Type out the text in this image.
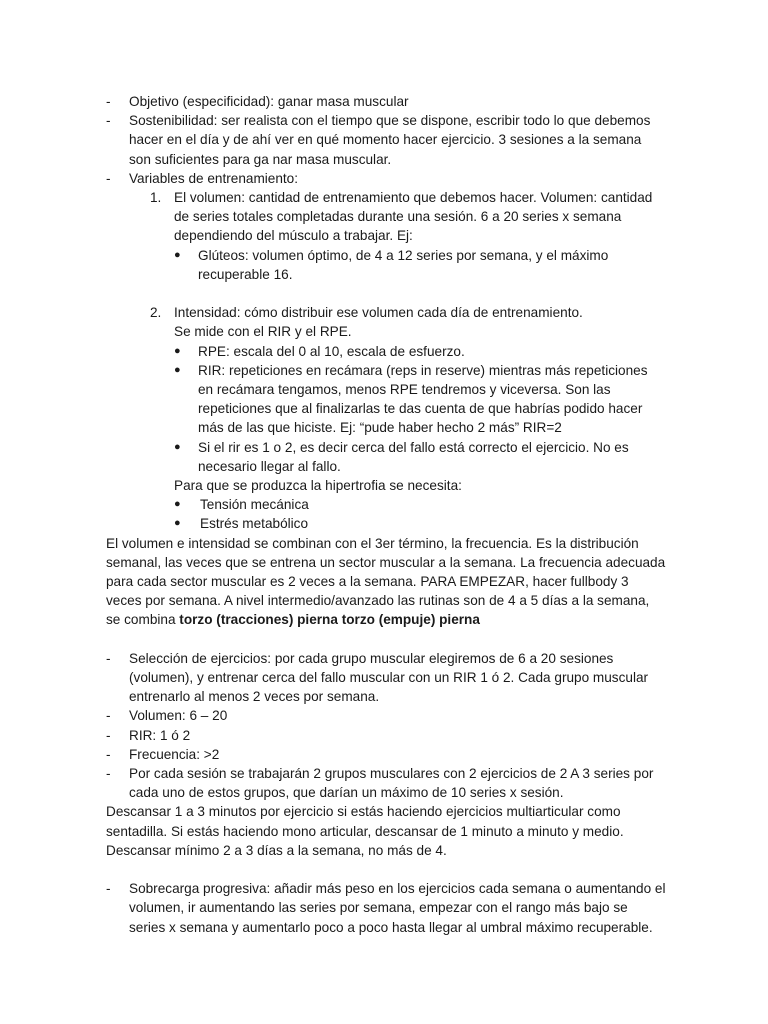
- Objetivo (especificidad): ganar masa muscular

- Sostenibilidad: ser realista con el tiempo que se dispone, escribir todo lo que debemos hacer en el día y de ahí ver en qué momento hacer ejercicio. 3 sesiones a la semana son suficientes para ga nar masa muscular.

- Variables de entrenamiento:

1. El volumen: cantidad de entrenamiento que debemos hacer. Volumen: cantidad de series totales completadas durante una sesión. 6 a 20 series x semana dependiendo del músculo a trabajar. Ej:

● Glúteos: volumen óptimo, de 4 a 12 series por semana, y el máximo recuperable 16.

2. Intensidad: cómo distribuir ese volumen cada día de entrenamiento.

Se mide con el RIR y el RPE.

● RPE: escala del 0 al 10, escala de esfuerzo.

● RIR: repeticiones en recámara (reps in reserve) mientras más repeticiones en recámara tengamos, menos RPE tendremos y viceversa. Son las repeticiones que al finalizarlas te das cuenta de que habrías podido hacer más de las que hiciste. Ej: “pude haber hecho 2 más” RIR=2

● Si el rir es 1 o 2, es decir cerca del fallo está correcto el ejercicio. No es necesario llegar al fallo.

Para que se produzca la hipertrofia se necesita:

● Tensión mecánica

● Estrés metabólico

El volumen e intensidad se combinan con el 3er término, la frecuencia. Es la distribución semanal, las veces que se entrena un sector muscular a la semana. La frecuencia adecuada para cada sector muscular es 2 veces a la semana. PARA EMPEZAR, hacer fullbody 3 veces por semana. A nivel intermedio/avanzado las rutinas son de 4 a 5 días a la semana, se combina torzo (tracciones) pierna torzo (empuje) pierna

- Selección de ejercicios: por cada grupo muscular elegiremos de 6 a 20 sesiones (volumen), y entrenar cerca del fallo muscular con un RIR 1 ó 2. Cada grupo muscular entrenarlo al menos 2 veces por semana.

- Volumen: 6 – 20

- RIR: 1 ó 2

- Frecuencia: >2

- Por cada sesión se trabajarán 2 grupos musculares con 2 ejercicios de 2 A 3 series por cada uno de estos grupos, que darían un máximo de 10 series x sesión.

Descansar 1 a 3 minutos por ejercicio si estás haciendo ejercicios multiarticular como sentadilla. Si estás haciendo mono articular, descansar de 1 minuto a minuto y medio. Descansar mínimo 2 a 3 días a la semana, no más de 4.

- Sobrecarga progresiva: añadir más peso en los ejercicios cada semana o aumentando el volumen, ir aumentando las series por semana, empezar con el rango más bajo se series x semana y aumentarlo poco a poco hasta llegar al umbral máximo recuperable.
